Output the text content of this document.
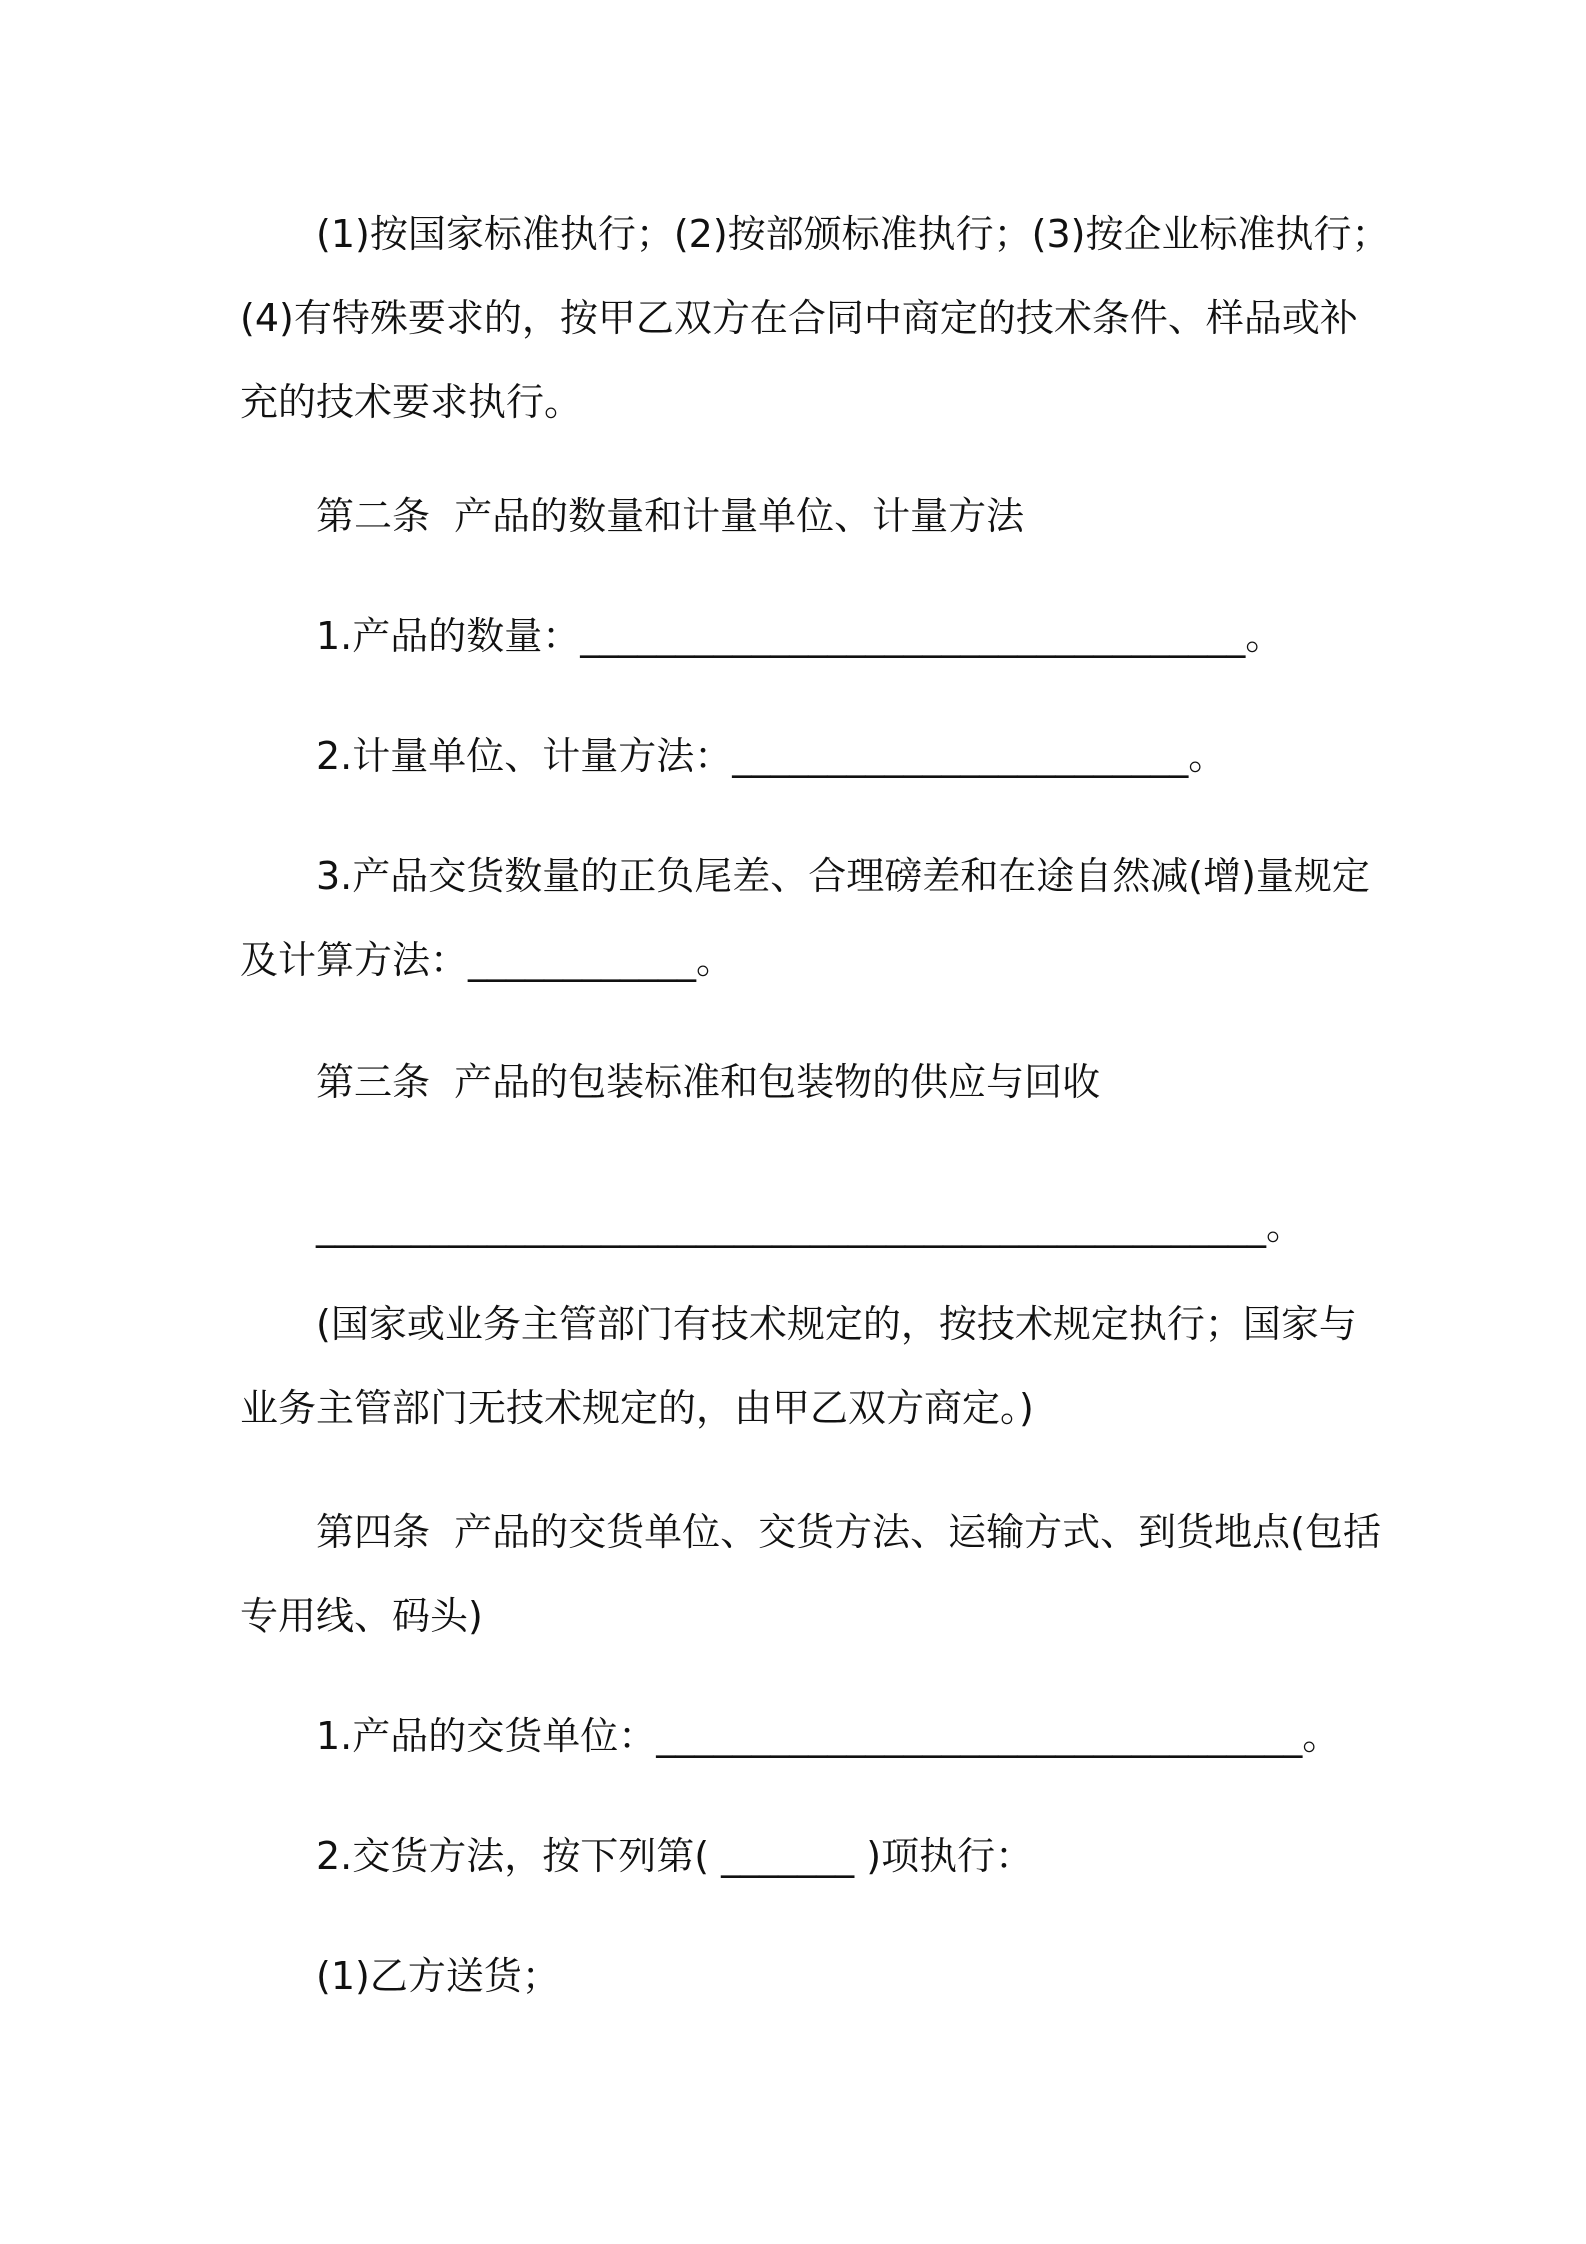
(1)按国家标准执行；(2)按部颁标准执行；(3)按企业标准执行；
(4)有特殊要求的，按甲乙双方在合同中商定的技术条件、样品或补
充的技术要求执行。
第二条  产品的数量和计量单位、计量方法
1.产品的数量：___________________________________。
2.计量单位、计量方法：________________________。
3.产品交货数量的正负尾差、合理磅差和在途自然减(增)量规定
及计算方法：____________。
第三条  产品的包装标准和包装物的供应与回收
__________________________________________________。
(国家或业务主管部门有技术规定的，按技术规定执行；国家与
业务主管部门无技术规定的，由甲乙双方商定。)
第四条  产品的交货单位、交货方法、运输方式、到货地点(包括
专用线、码头)
1.产品的交货单位：__________________________________。
2.交货方法，按下列第( _______ )项执行：
(1)乙方送货；
